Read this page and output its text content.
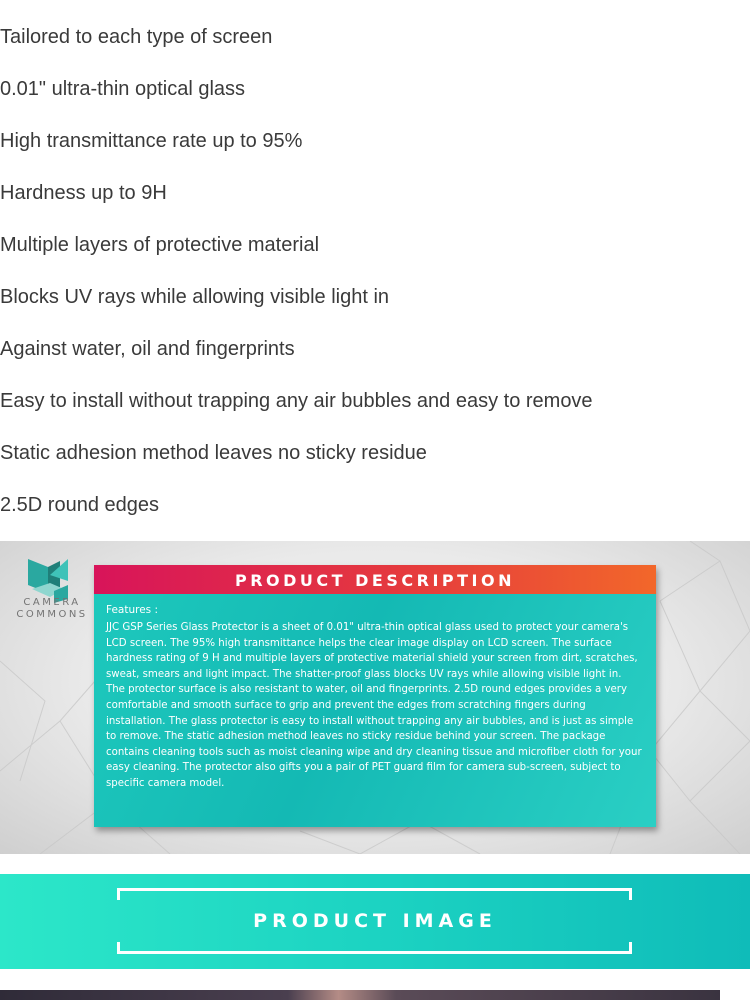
Tailored to each type of screen
0.01" ultra-thin optical glass
High transmittance rate up to 95%
Hardness up to 9H
Multiple layers of protective material
Blocks UV rays while allowing visible light in
Against water, oil and fingerprints
Easy to install without trapping any air bubbles and easy to remove
Static adhesion method leaves no sticky residue
2.5D round edges
CAMERA
COMMONS
PRODUCT DESCRIPTION
Features :
JJC GSP Series Glass Protector is a sheet of 0.01" ultra-thin optical glass used to protect your camera's LCD screen. The 95% high transmittance helps the clear image display on LCD screen. The surface hardness rating of 9 H and multiple layers of protective material shield your screen from dirt, scratches, sweat, smears and light impact. The shatter-proof glass blocks UV rays while allowing visible light in. The protector surface is also resistant to water, oil and fingerprints. 2.5D round edges provides a very comfortable and smooth surface to grip and prevent the edges from scratching fingers during installation. The glass protector is easy to install without trapping any air bubbles, and is just as simple to remove. The static adhesion method leaves no sticky residue behind your screen. The package contains cleaning tools such as moist cleaning wipe and dry cleaning tissue and microfiber cloth for your easy cleaning. The protector also gifts you a pair of PET guard film for camera sub-screen, subject to specific camera model.
PRODUCT IMAGE
